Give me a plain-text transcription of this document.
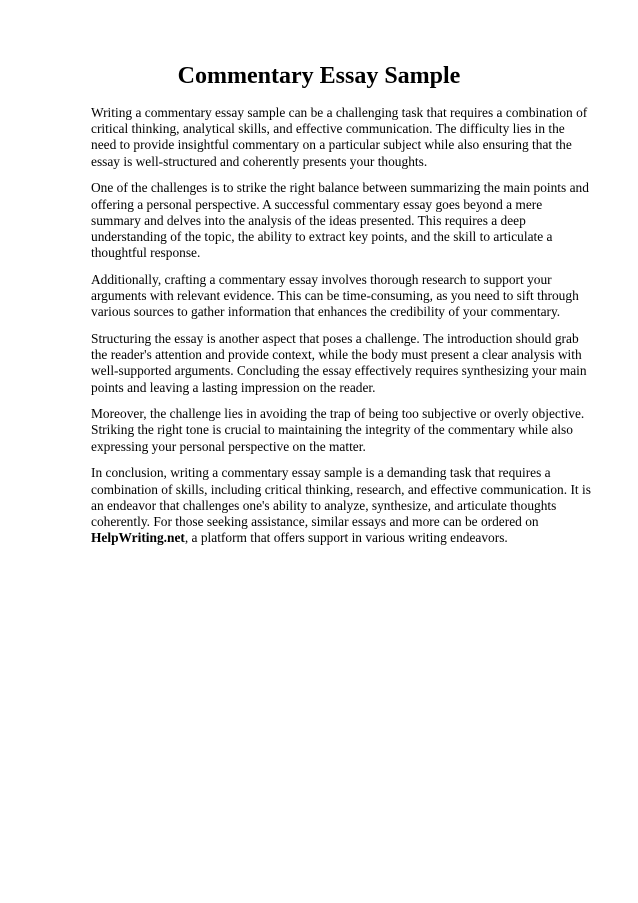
Commentary Essay Sample

Writing a commentary essay sample can be a challenging task that requires a combination of critical thinking, analytical skills, and effective communication. The difficulty lies in the need to provide insightful commentary on a particular subject while also ensuring that the essay is well-structured and coherently presents your thoughts.

One of the challenges is to strike the right balance between summarizing the main points and offering a personal perspective. A successful commentary essay goes beyond a mere summary and delves into the analysis of the ideas presented. This requires a deep understanding of the topic, the ability to extract key points, and the skill to articulate a thoughtful response.

Additionally, crafting a commentary essay involves thorough research to support your arguments with relevant evidence. This can be time-consuming, as you need to sift through various sources to gather information that enhances the credibility of your commentary.

Structuring the essay is another aspect that poses a challenge. The introduction should grab the reader's attention and provide context, while the body must present a clear analysis with well-supported arguments. Concluding the essay effectively requires synthesizing your main points and leaving a lasting impression on the reader.

Moreover, the challenge lies in avoiding the trap of being too subjective or overly objective. Striking the right tone is crucial to maintaining the integrity of the commentary while also expressing your personal perspective on the matter.

In conclusion, writing a commentary essay sample is a demanding task that requires a combination of skills, including critical thinking, research, and effective communication. It is an endeavor that challenges one's ability to analyze, synthesize, and articulate thoughts coherently. For those seeking assistance, similar essays and more can be ordered on HelpWriting.net, a platform that offers support in various writing endeavors.
